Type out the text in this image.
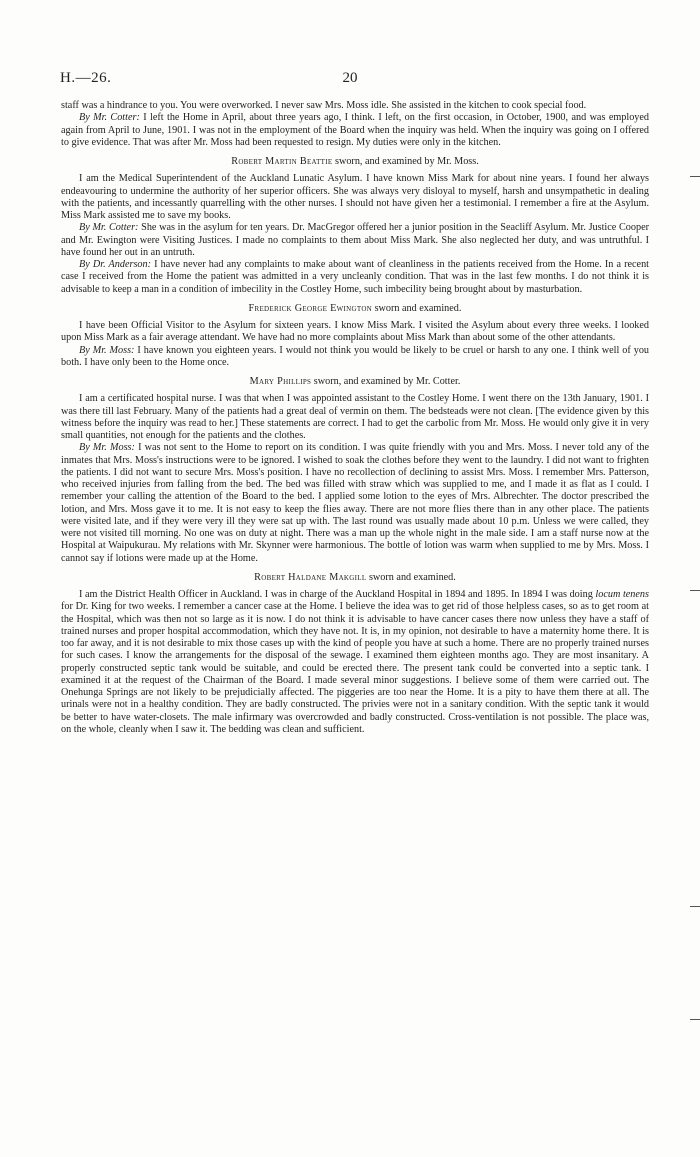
H.—26.	20

staff was a hindrance to you. You were overworked. I never saw Mrs. Moss idle. She assisted in the kitchen to cook special food.

By Mr. Cotter: I left the Home in April, about three years ago, I think. I left, on the first occasion, in October, 1900, and was employed again from April to June, 1901. I was not in the employment of the Board when the inquiry was held. When the inquiry was going on I offered to give evidence. That was after Mr. Moss had been requested to resign. My duties were only in the kitchen.

Robert Martin Beattie sworn, and examined by Mr. Moss.

I am the Medical Superintendent of the Auckland Lunatic Asylum. I have known Miss Mark for about nine years. I found her always endeavouring to undermine the authority of her superior officers. She was always very disloyal to myself, harsh and unsympathetic in dealing with the patients, and incessantly quarrelling with the other nurses. I should not have given her a testimonial. I remember a fire at the Asylum. Miss Mark assisted me to save my books.

By Mr. Cotter: She was in the asylum for ten years. Dr. MacGregor offered her a junior position in the Seacliff Asylum. Mr. Justice Cooper and Mr. Ewington were Visiting Justices. I made no complaints to them about Miss Mark. She also neglected her duty, and was untruthful. I have found her out in an untruth.

By Dr. Anderson: I have never had any complaints to make about want of cleanliness in the patients received from the Home. In a recent case I received from the Home the patient was admitted in a very uncleanly condition. That was in the last few months. I do not think it is advisable to keep a man in a condition of imbecility in the Costley Home, such imbecility being brought about by masturbation.

Frederick George Ewington sworn and examined.

I have been Official Visitor to the Asylum for sixteen years. I know Miss Mark. I visited the Asylum about every three weeks. I looked upon Miss Mark as a fair average attendant. We have had no more complaints about Miss Mark than about some of the other attendants.

By Mr. Moss: I have known you eighteen years. I would not think you would be likely to be cruel or harsh to any one. I think well of you both. I have only been to the Home once.

Mary Phillips sworn, and examined by Mr. Cotter.

I am a certificated hospital nurse. I was that when I was appointed assistant to the Costley Home. I went there on the 13th January, 1901. I was there till last February. Many of the patients had a great deal of vermin on them. The bedsteads were not clean. [The evidence given by this witness before the inquiry was read to her.] These statements are correct. I had to get the carbolic from Mr. Moss. He would only give it in very small quantities, not enough for the patients and the clothes.

By Mr. Moss: I was not sent to the Home to report on its condition. I was quite friendly with you and Mrs. Moss. I never told any of the inmates that Mrs. Moss's instructions were to be ignored. I wished to soak the clothes before they went to the laundry. I did not want to frighten the patients. I did not want to secure Mrs. Moss's position. I have no recollection of declining to assist Mrs. Moss. I remember Mrs. Patterson, who received injuries from falling from the bed. The bed was filled with straw which was supplied to me, and I made it as flat as I could. I remember your calling the attention of the Board to the bed. I applied some lotion to the eyes of Mrs. Albrechter. The doctor prescribed the lotion, and Mrs. Moss gave it to me. It is not easy to keep the flies away. There are not more flies there than in any other place. The patients were visited late, and if they were very ill they were sat up with. The last round was usually made about 10 p.m. Unless we were called, they were not visited till morning. No one was on duty at night. There was a man up the whole night in the male side. I am a staff nurse now at the Hospital at Waipukurau. My relations with Mr. Skynner were harmonious. The bottle of lotion was warm when supplied to me by Mrs. Moss. I cannot say if lotions were made up at the Home.

Robert Haldane Makgill sworn and examined.

I am the District Health Officer in Auckland. I was in charge of the Auckland Hospital in 1894 and 1895. In 1894 I was doing locum tenens for Dr. King for two weeks. I remember a cancer case at the Home. I believe the idea was to get rid of those helpless cases, so as to get room at the Hospital, which was then not so large as it is now. I do not think it is advisable to have cancer cases there now unless they have a staff of trained nurses and proper hospital accommodation, which they have not. It is, in my opinion, not desirable to have a maternity home there. It is too far away, and it is not desirable to mix those cases up with the kind of people you have at such a home. There are no properly trained nurses for such cases. I know the arrangements for the disposal of the sewage. I examined them eighteen months ago. They are most insanitary. A properly constructed septic tank would be suitable, and could be erected there. The present tank could be converted into a septic tank. I examined it at the request of the Chairman of the Board. I made several minor suggestions. I believe some of them were carried out. The Onehunga Springs are not likely to be prejudicially affected. The piggeries are too near the Home. It is a pity to have them there at all. The urinals were not in a healthy condition. They are badly constructed. The privies were not in a sanitary condition. With the septic tank it would be better to have water-closets. The male infirmary was overcrowded and badly constructed. Cross-ventilation is not possible. The place was, on the whole, cleanly when I saw it. The bedding was clean and sufficient.
